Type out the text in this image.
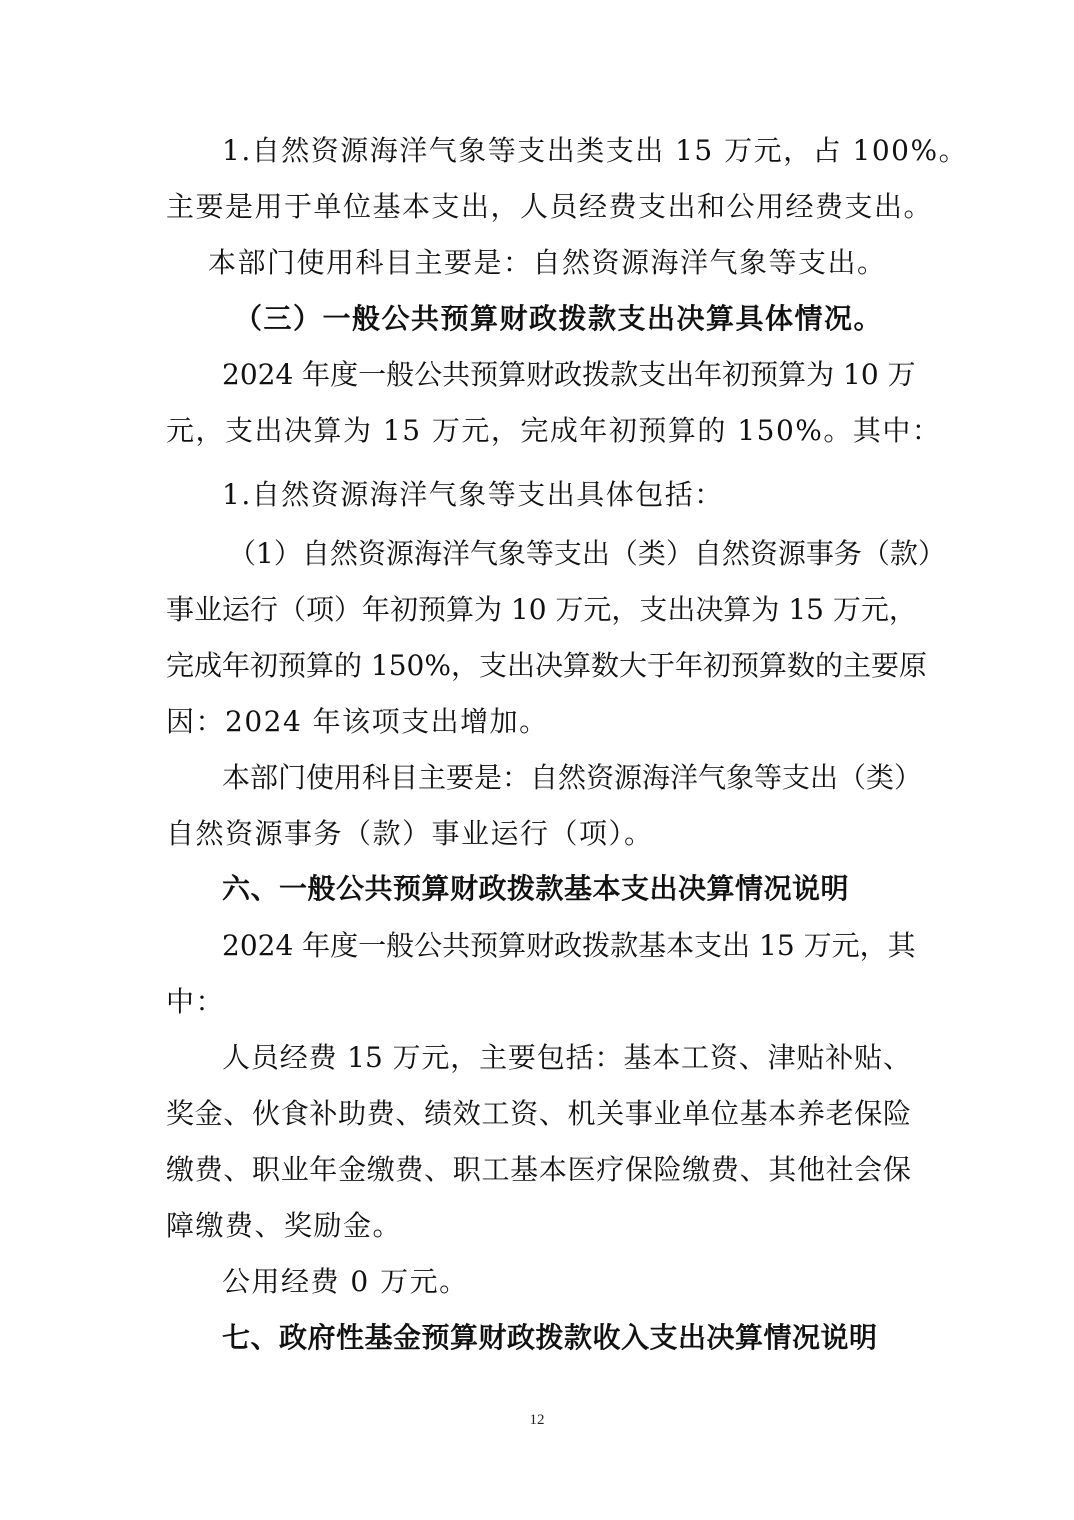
1.自然资源海洋气象等支出类支出 15 万元，占 100%。
主要是用于单位基本支出，人员经费支出和公用经费支出。
本部门使用科目主要是：自然资源海洋气象等支出。
（三）一般公共预算财政拨款支出决算具体情况。
2024 年度一般公共预算财政拨款支出年初预算为 10 万
元，支出决算为 15 万元，完成年初预算的 150%。其中：
1.自然资源海洋气象等支出具体包括：
（1）自然资源海洋气象等支出（类）自然资源事务（款）
事业运行（项）年初预算为 10 万元，支出决算为 15 万元，
完成年初预算的 150%，支出决算数大于年初预算数的主要原
因：2024 年该项支出增加。
本部门使用科目主要是：自然资源海洋气象等支出（类）
自然资源事务（款）事业运行（项）。
六、一般公共预算财政拨款基本支出决算情况说明
2024 年度一般公共预算财政拨款基本支出 15 万元，其
中：
人员经费 15 万元，主要包括：基本工资、津贴补贴、
奖金、伙食补助费、绩效工资、机关事业单位基本养老保险
缴费、职业年金缴费、职工基本医疗保险缴费、其他社会保
障缴费、奖励金。
公用经费 0 万元。
七、政府性基金预算财政拨款收入支出决算情况说明
12
